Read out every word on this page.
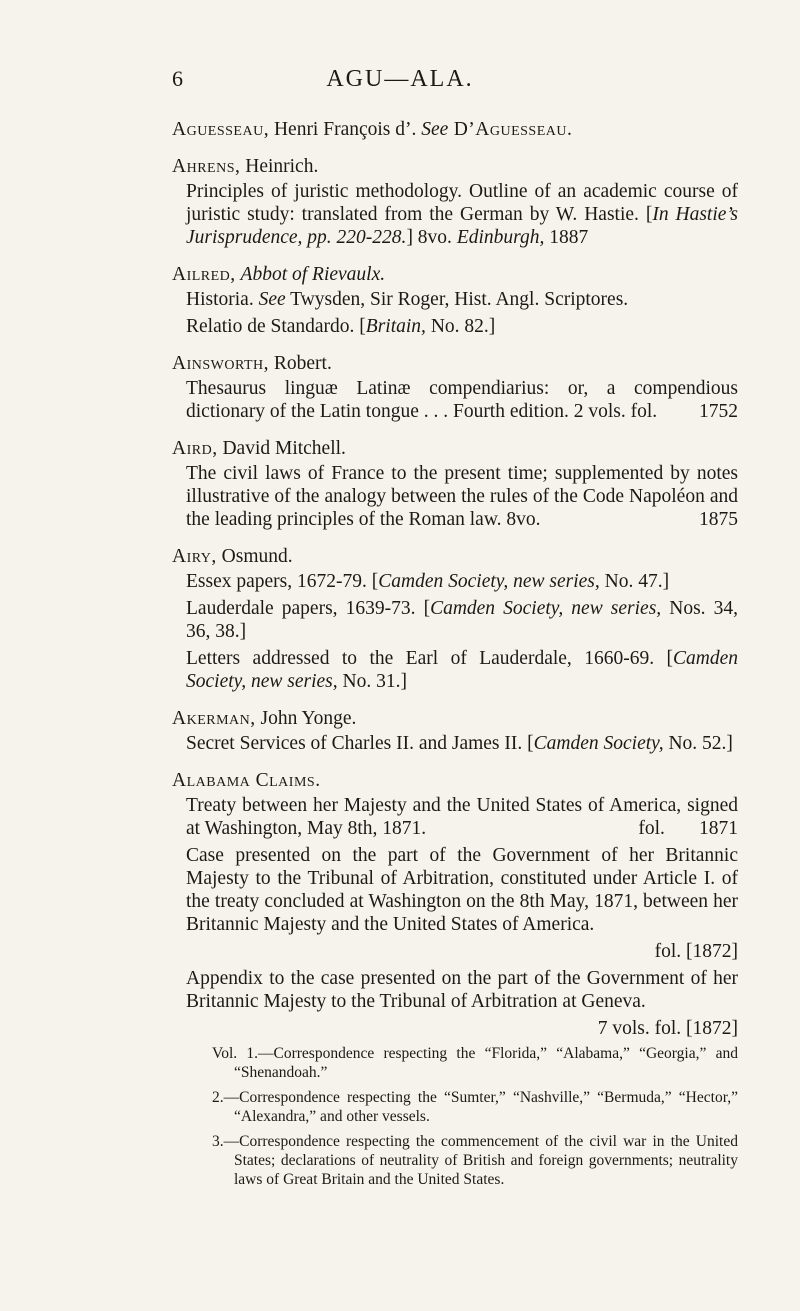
6	AGU—ALA.

Aguesseau, Henri François d’. See D’Aguesseau.

Ahrens, Heinrich.

Principles of juristic methodology. Outline of an academic course of juristic study: translated from the German by W. Hastie. [In Hastie’s Jurisprudence, pp. 220-228.] 8vo. Edinburgh, 1887

Ailred, Abbot of Rievaulx.

Historia. See Twysden, Sir Roger, Hist. Angl. Scriptores.

Relatio de Standardo. [Britain, No. 82.]

Ainsworth, Robert.

Thesaurus linguæ Latinæ compendiarius: or, a compendious dictionary of the Latin tongue . . . Fourth edition. 2 vols. fol. 1752

Aird, David Mitchell.

The civil laws of France to the present time; supplemented by notes illustrative of the analogy between the rules of the Code Napoléon and the leading principles of the Roman law. 8vo.	1875

Airy, Osmund.

Essex papers, 1672-79. [Camden Society, new series, No. 47.]

Lauderdale papers, 1639-73. [Camden Society, new series, Nos. 34, 36, 38.]

Letters addressed to the Earl of Lauderdale, 1660-69. [Camden Society, new series, No. 31.]

Akerman, John Yonge.

Secret Services of Charles II. and James II. [Camden Society, No. 52.]

Alabama Claims.

Treaty between her Majesty and the United States of America, signed at Washington, May 8th, 1871.	fol. 1871

Case presented on the part of the Government of her Britannic Majesty to the Tribunal of Arbitration, constituted under Article I. of the treaty concluded at Washington on the 8th May, 1871, between her Britannic Majesty and the United States of America.

fol. [1872]

Appendix to the case presented on the part of the Government of her Britannic Majesty to the Tribunal of Arbitration at Geneva.

7 vols. fol. [1872]

Vol. 1.—Correspondence respecting the “Florida,” “Alabama,” “Georgia,” and “Shenandoah.”

2.—Correspondence respecting the “Sumter,” “Nashville,” “Bermuda,” “Hector,” “Alexandra,” and other vessels.

3.—Correspondence respecting the commencement of the civil war in the United States; declarations of neutrality of British and foreign governments; neutrality laws of Great Britain and the United States.
